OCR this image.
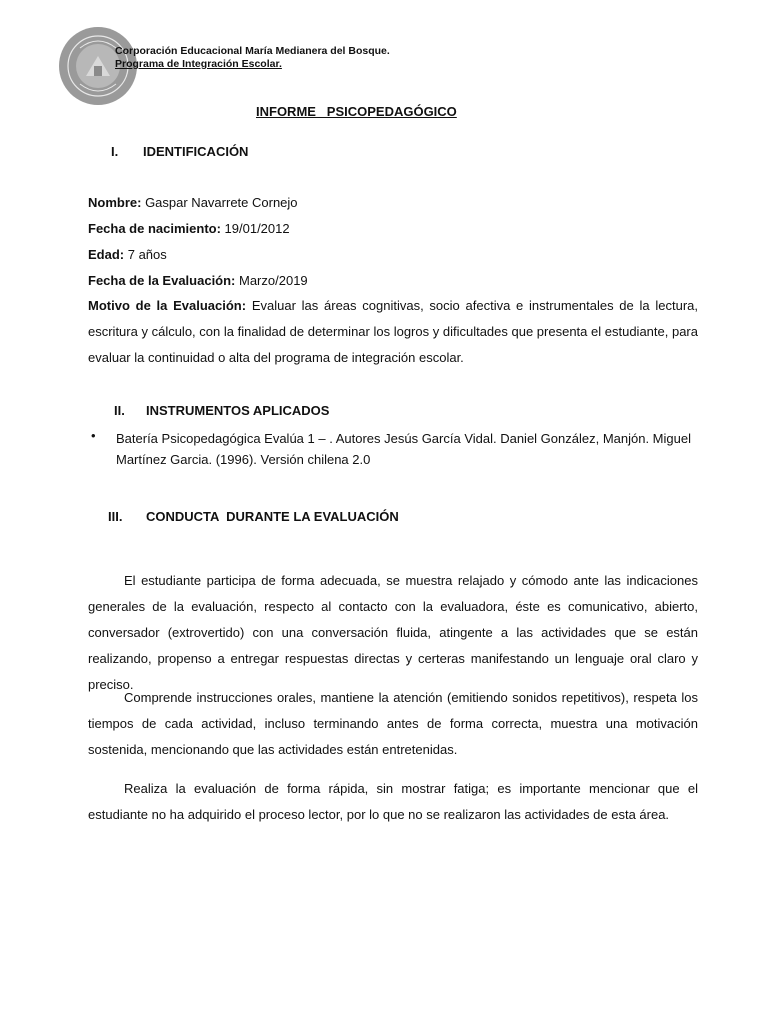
Corporación Educacional María Medianera del Bosque.
Programa de Integración Escolar.
INFORME   PSICOPEDAGÓGICO
I. IDENTIFICACIÓN
Nombre: Gaspar Navarrete Cornejo
Fecha de nacimiento: 19/01/2012
Edad: 7 años
Fecha de la Evaluación: Marzo/2019
Motivo de la Evaluación: Evaluar las áreas cognitivas, socio afectiva e instrumentales de la lectura, escritura y cálculo, con la finalidad de determinar los logros y dificultades que presenta el estudiante, para evaluar la continuidad o alta del programa de integración escolar.
II. INSTRUMENTOS APLICADOS
• Batería Psicopedagógica Evalúa 1 – . Autores Jesús García Vidal. Daniel González, Manjón. Miguel Martínez Garcia. (1996). Versión chilena 2.0
III. CONDUCTA  DURANTE LA EVALUACIÓN
El estudiante participa de forma adecuada, se muestra relajado y cómodo ante las indicaciones generales de la evaluación, respecto al contacto con la evaluadora, éste es comunicativo, abierto, conversador (extrovertido) con una conversación fluida, atingente a las actividades que se están realizando, propenso a entregar respuestas directas y certeras manifestando un lenguaje oral claro y preciso.
Comprende instrucciones orales, mantiene la atención (emitiendo sonidos repetitivos), respeta los tiempos de cada actividad, incluso terminando antes de forma correcta, muestra una motivación sostenida, mencionando que las actividades están entretenidas.
Realiza la evaluación de forma rápida, sin mostrar fatiga; es importante mencionar que el estudiante no ha adquirido el proceso lector, por lo que no se realizaron las actividades de esta área.
